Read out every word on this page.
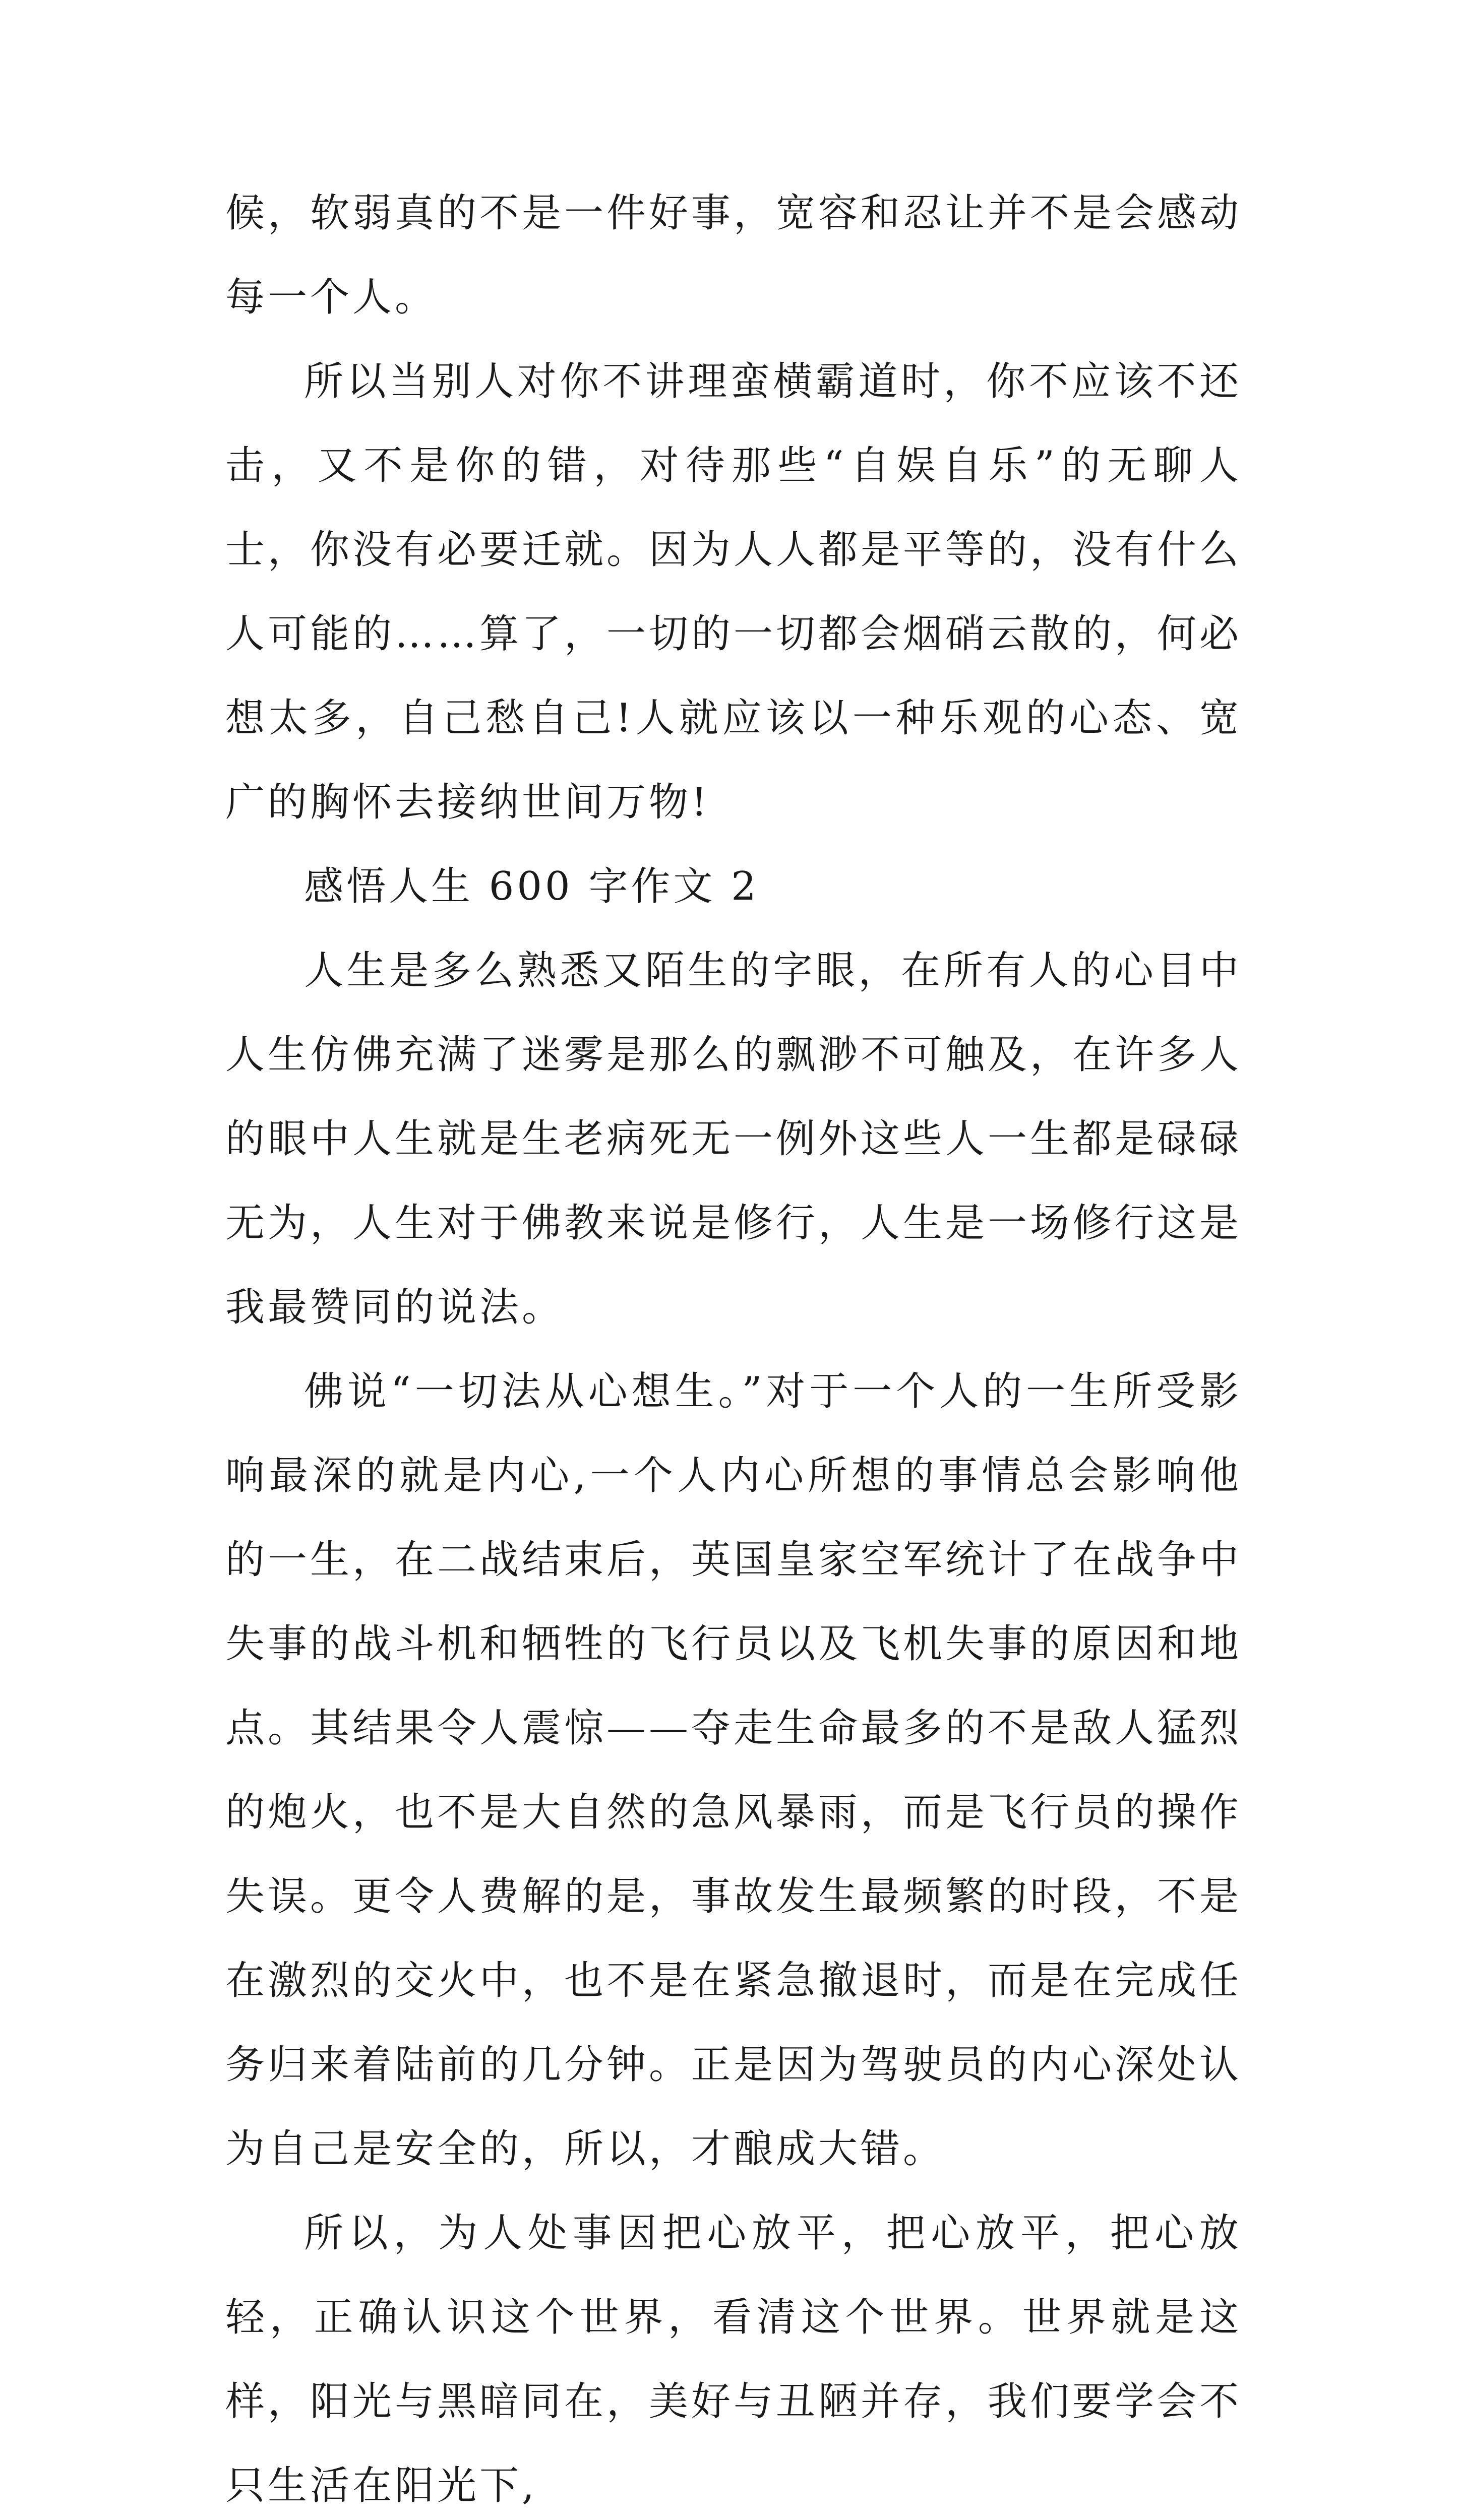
候，软弱真的不是一件好事，宽容和忍让并不是会感动每一个人。

所以当别人对你不讲理蛮横霸道时，你不应该不还击，又不是你的错，对待那些“自娱自乐”的无聊人士，你没有必要迁就。因为人人都是平等的，没有什么人可能的……算了，一切的一切都会烟硝云散的，何必想太多，自己愁自己!人就应该以一种乐观的心态、宽广的胸怀去接纳世间万物!

感悟人生 600 字作文 2

人生是多么熟悉又陌生的字眼，在所有人的心目中人生仿佛充满了迷雾是那么的飘渺不可触及，在许多人的眼中人生就是生老病死无一例外这些人一生都是碌碌无为，人生对于佛教来说是修行，人生是一场修行这是我最赞同的说法。

佛说“一切法从心想生。”对于一个人的一生所受影响最深的就是内心,一个人内心所想的事情总会影响他的一生，在二战结束后，英国皇家空军统计了在战争中失事的战斗机和牺牲的飞行员以及飞机失事的原因和地点。其结果令人震惊——夺走生命最多的不是敌人猛烈的炮火，也不是大自然的急风暴雨，而是飞行员的操作失误。更令人费解的是，事故发生最频繁的时段，不是在激烈的交火中，也不是在紧急撤退时，而是在完成任务归来着陆前的几分钟。正是因为驾驶员的内心深处认为自己是安全的，所以，才酿成大错。

所以，为人处事因把心放平，把心放平，把心放轻，正确认识这个世界，看清这个世界。世界就是这样，阳光与黑暗同在，美好与丑陋并存，我们要学会不只生活在阳光下,
